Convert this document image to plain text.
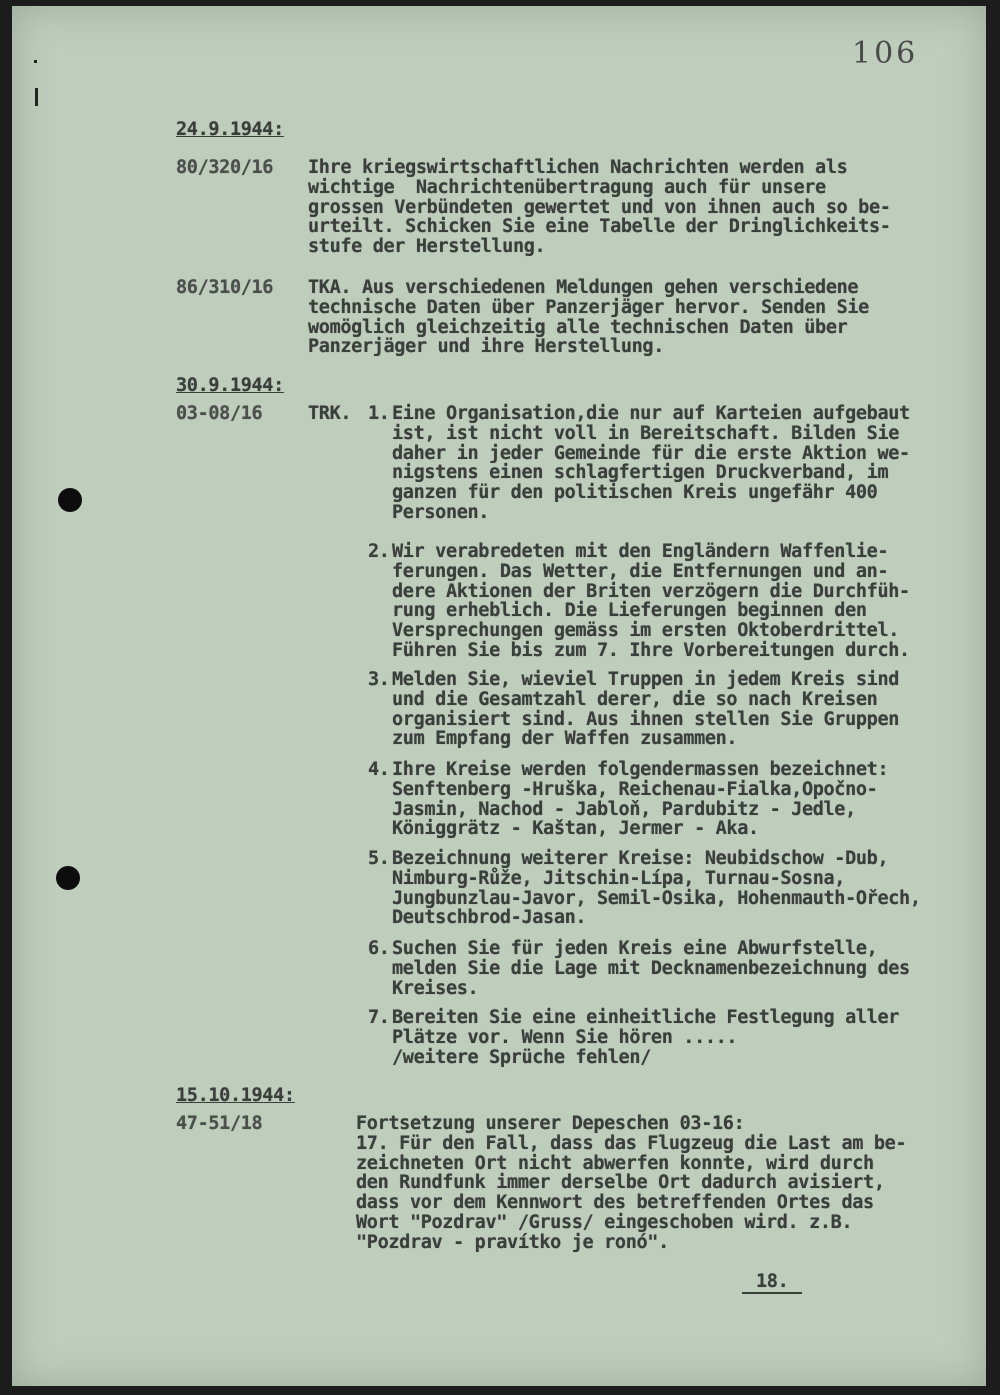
106
24.9.1944:
80/320/16 Ihre kriegswirtschaftlichen Nachrichten werden als
wichtige  Nachrichtenübertragung auch für unsere
grossen Verbündeten gewertet und von ihnen auch so be-
urteilt. Schicken Sie eine Tabelle der Dringlichkeits-
stufe der Herstellung.
86/310/16 TKA. Aus verschiedenen Meldungen gehen verschiedene
technische Daten über Panzerjäger hervor. Senden Sie
womöglich gleichzeitig alle technischen Daten über
Panzerjäger und ihre Herstellung.
30.9.1944:
03-08/16 TRK. 1. Eine Organisation,die nur auf Karteien aufgebaut
ist, ist nicht voll in Bereitschaft. Bilden Sie
daher in jeder Gemeinde für die erste Aktion we-
nigstens einen schlagfertigen Druckverband, im
ganzen für den politischen Kreis ungefähr 400
Personen.
2. Wir verabredeten mit den Engländern Waffenlie-
ferungen. Das Wetter, die Entfernungen und an-
dere Aktionen der Briten verzögern die Durchfüh-
rung erheblich. Die Lieferungen beginnen den
Versprechungen gemäss im ersten Oktoberdrittel.
Führen Sie bis zum 7. Ihre Vorbereitungen durch.
3. Melden Sie, wieviel Truppen in jedem Kreis sind
und die Gesamtzahl derer, die so nach Kreisen
organisiert sind. Aus ihnen stellen Sie Gruppen
zum Empfang der Waffen zusammen.
4. Ihre Kreise werden folgendermassen bezeichnet:
Senftenberg -Hruška, Reichenau-Fialka,Opočno-
Jasmin, Nachod - Jabloň, Pardubitz - Jedle,
Königgrätz - Kaštan, Jermer - Aka.
5. Bezeichnung weiterer Kreise: Neubidschow -Dub,
Nimburg-Růže, Jitschin-Lípa, Turnau-Sosna,
Jungbunzlau-Javor, Semil-Osika, Hohenmauth-Ořech,
Deutschbrod-Jasan.
6. Suchen Sie für jeden Kreis eine Abwurfstelle,
melden Sie die Lage mit Decknamenbezeichnung des
Kreises.
7. Bereiten Sie eine einheitliche Festlegung aller
Plätze vor. Wenn Sie hören .....
/weitere Sprüche fehlen/
15.10.1944:
47-51/18	Fortsetzung unserer Depeschen 03-16:
17. Für den Fall, dass das Flugzeug die Last am be-
zeichneten Ort nicht abwerfen konnte, wird durch
den Rundfunk immer derselbe Ort dadurch avisiert,
dass vor dem Kennwort des betreffenden Ortes das
Wort "Pozdrav" /Gruss/ eingeschoben wird. z.B.
"Pozdrav - pravítko je ronó".
18.
